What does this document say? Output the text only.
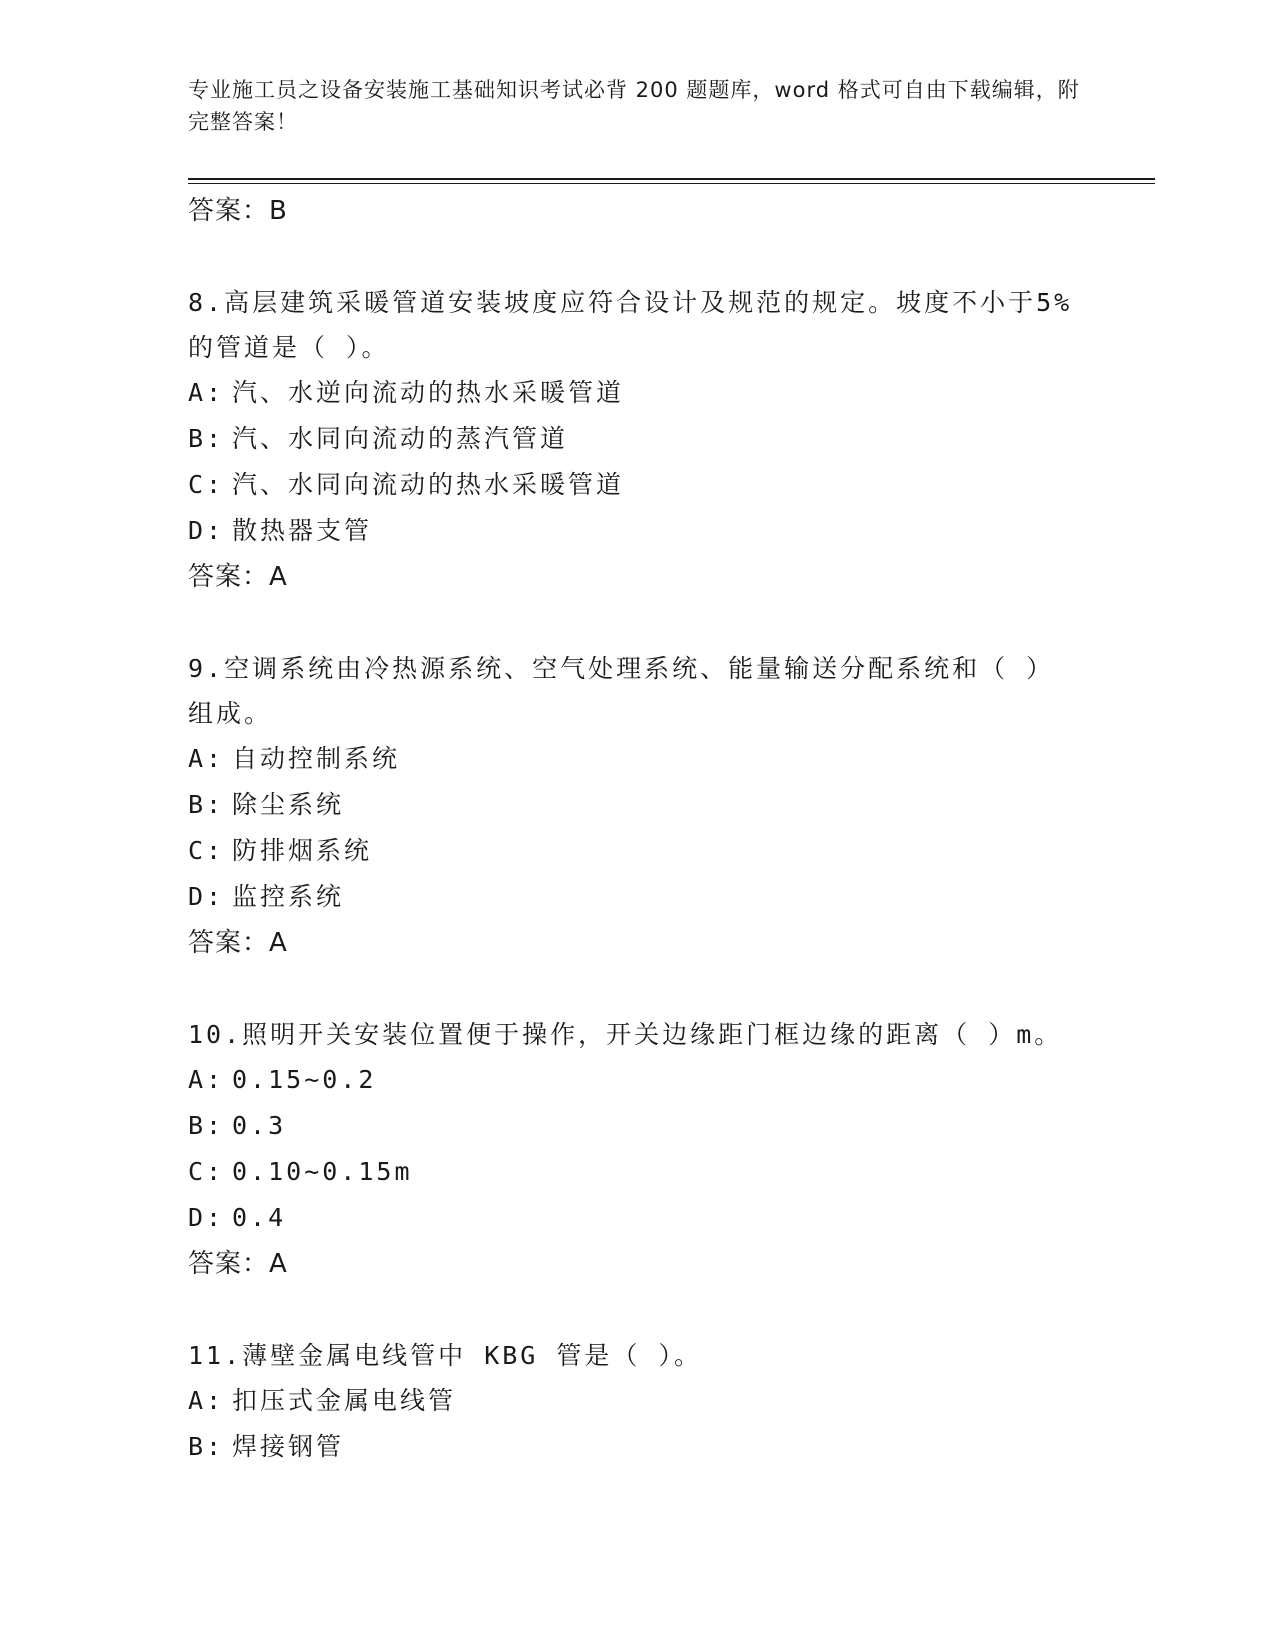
专业施工员之设备安装施工基础知识考试必背 200 题题库，word 格式可自由下载编辑，附完整答案！
答案：B
8.高层建筑采暖管道安装坡度应符合设计及规范的规定。坡度不小于5%的管道是（ ）。
A: 汽、水逆向流动的热水采暖管道
B: 汽、水同向流动的蒸汽管道
C: 汽、水同向流动的热水采暖管道
D: 散热器支管
答案：A
9.空调系统由冷热源系统、空气处理系统、能量输送分配系统和（ ）组成。
A: 自动控制系统
B: 除尘系统
C: 防排烟系统
D: 监控系统
答案：A
10.照明开关安装位置便于操作，开关边缘距门框边缘的距离（ ）m。
A: 0.15~0.2
B: 0.3
C: 0.10~0.15m
D: 0.4
答案：A
11.薄壁金属电线管中 KBG 管是（ ）。
A: 扣压式金属电线管
B: 焊接钢管
